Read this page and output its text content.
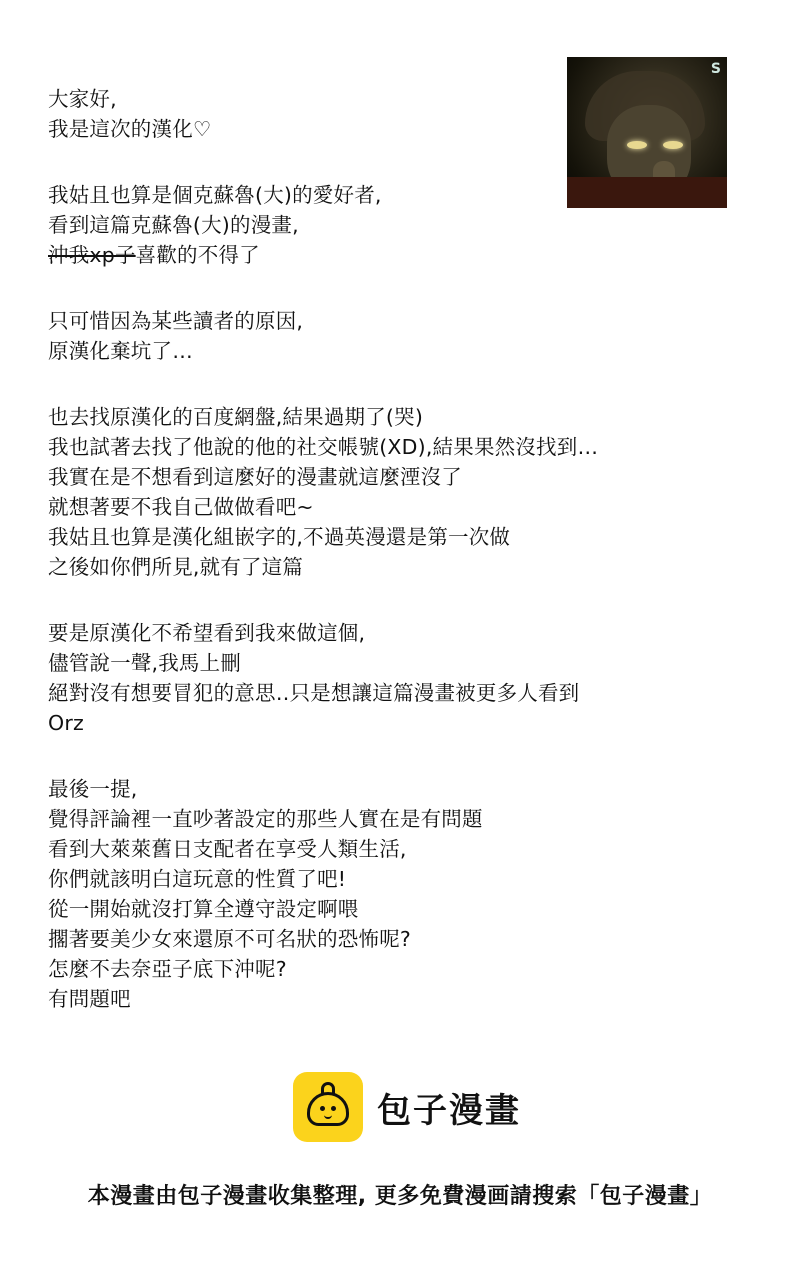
大家好,
我是這次的漢化♡
我姑且也算是個克蘇魯(大)的愛好者,
看到這篇克蘇魯(大)的漫畫,
沖我xp子喜歡的不得了
只可惜因為某些讀者的原因,
原漢化棄坑了…
也去找原漢化的百度網盤,結果過期了(哭)
我也試著去找了他說的他的社交帳號(XD),結果果然沒找到…
我實在是不想看到這麼好的漫畫就這麼湮沒了
就想著要不我自己做做看吧~
我姑且也算是漢化組嵌字的,不過英漫還是第一次做
之後如你們所見,就有了這篇
要是原漢化不希望看到我來做這個,
儘管說一聲,我馬上刪
絕對沒有想要冒犯的意思‥只是想讓這篇漫畫被更多人看到
Orz
最後一提,
覺得評論裡一直吵著設定的那些人實在是有問題
看到大萊萊舊日支配者在享受人類生活,
你們就該明白這玩意的性質了吧!
從一開始就沒打算全遵守設定啊喂
擱著要美少女來還原不可名狀的恐怖呢?
怎麼不去奈亞子底下沖呢?
有問題吧
S
包子漫畫
本漫畫由包子漫畫收集整理, 更多免費漫画請搜索「包子漫畫」
